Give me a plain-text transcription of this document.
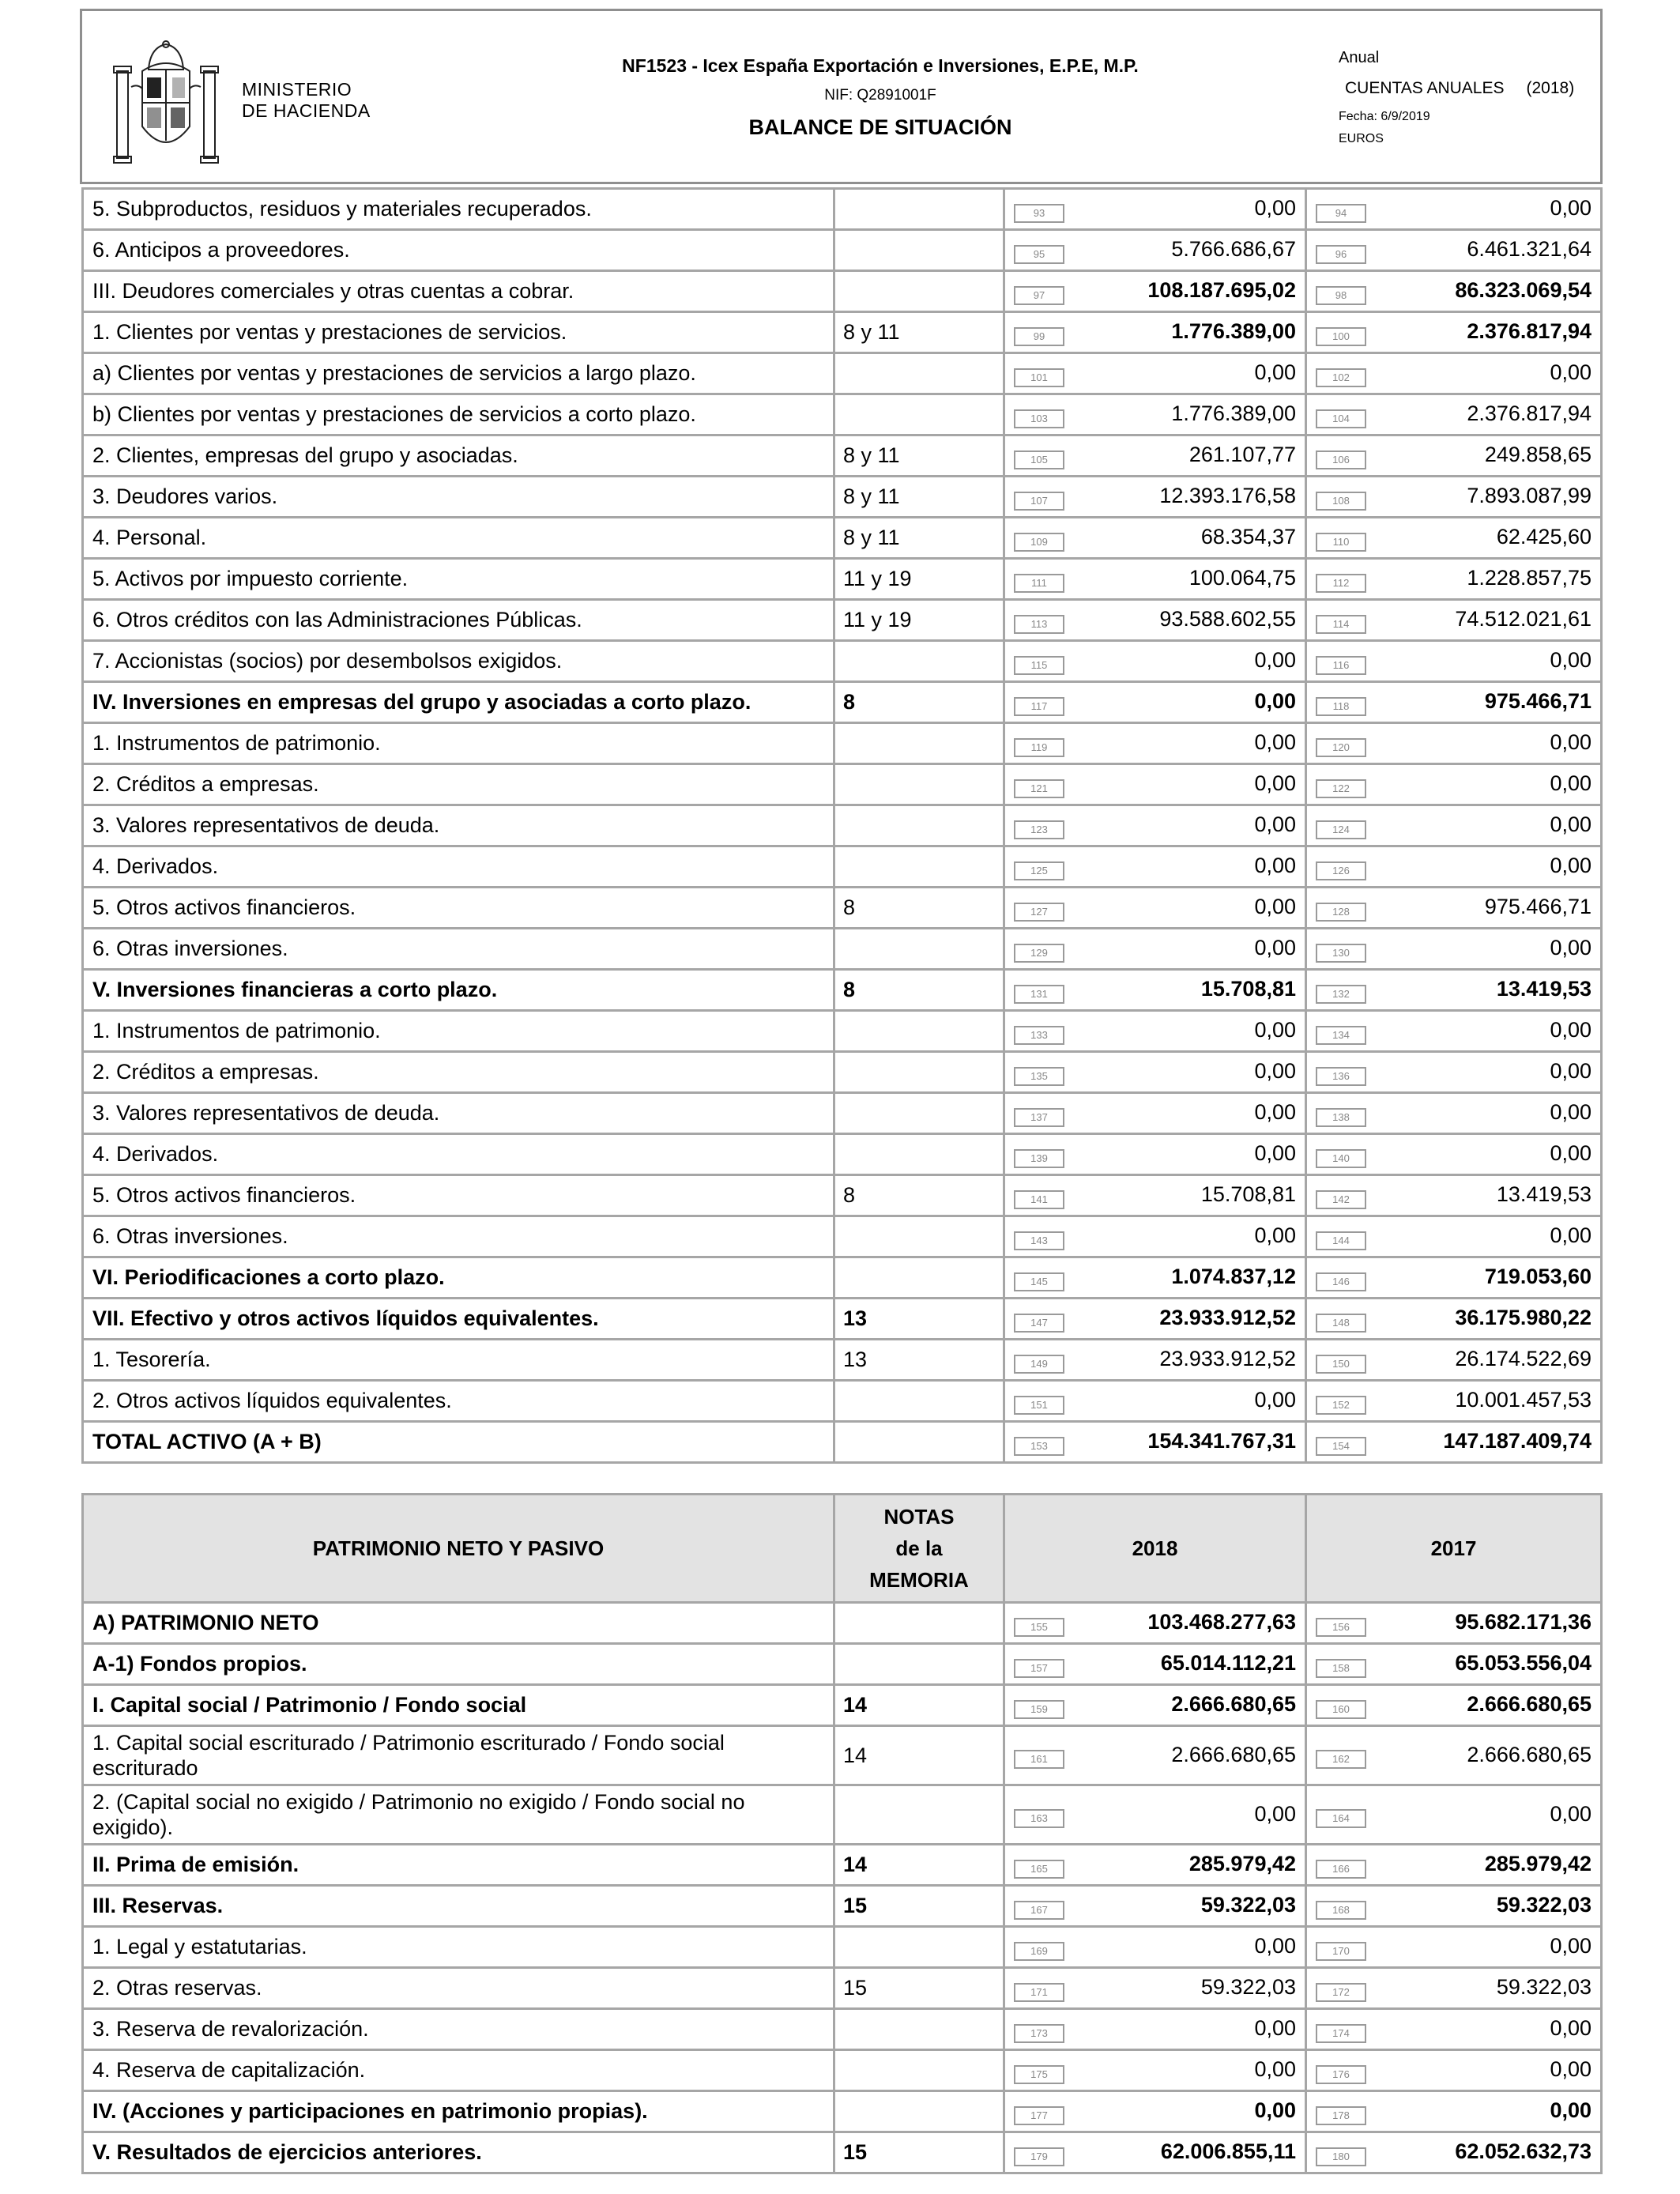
MINISTERIO
DE HACIENDA
NF1523 - Icex España Exportación e Inversiones, E.P.E, M.P.
NIF: Q2891001F
BALANCE DE SITUACIÓN
Anual
CUENTAS ANUALES (2018)
Fecha: 6/9/2019
EUROS
5. Subproductos, residuos y materiales recuperados.		93 0,00	94 0,00
6. Anticipos a proveedores.		95 5.766.686,67	96 6.461.321,64
III. Deudores comerciales y otras cuentas a cobrar.		97 108.187.695,02	98 86.323.069,54
1. Clientes por ventas y prestaciones de servicios.	8 y 11	99 1.776.389,00	100 2.376.817,94
a) Clientes por ventas y prestaciones de servicios a largo plazo.		101 0,00	102 0,00
b) Clientes por ventas y prestaciones de servicios a corto plazo.		103 1.776.389,00	104 2.376.817,94
2. Clientes, empresas del grupo y asociadas.	8 y 11	105 261.107,77	106 249.858,65
3. Deudores varios.	8 y 11	107 12.393.176,58	108 7.893.087,99
4. Personal.	8 y 11	109 68.354,37	110 62.425,60
5. Activos por impuesto corriente.	11 y 19	111 100.064,75	112 1.228.857,75
6. Otros créditos con las Administraciones Públicas.	11 y 19	113 93.588.602,55	114 74.512.021,61
7. Accionistas (socios) por desembolsos exigidos.		115 0,00	116 0,00
IV. Inversiones en empresas del grupo y asociadas a corto plazo.	8	117 0,00	118 975.466,71
1. Instrumentos de patrimonio.		119 0,00	120 0,00
2. Créditos a empresas.		121 0,00	122 0,00
3. Valores representativos de deuda.		123 0,00	124 0,00
4. Derivados.		125 0,00	126 0,00
5. Otros activos financieros.	8	127 0,00	128 975.466,71
6. Otras inversiones.		129 0,00	130 0,00
V. Inversiones financieras a corto plazo.	8	131 15.708,81	132 13.419,53
1. Instrumentos de patrimonio.		133 0,00	134 0,00
2. Créditos a empresas.		135 0,00	136 0,00
3. Valores representativos de deuda.		137 0,00	138 0,00
4. Derivados.		139 0,00	140 0,00
5. Otros activos financieros.	8	141 15.708,81	142 13.419,53
6. Otras inversiones.		143 0,00	144 0,00
VI. Periodificaciones a corto plazo.		145 1.074.837,12	146 719.053,60
VII. Efectivo y otros activos líquidos equivalentes.	13	147 23.933.912,52	148 36.175.980,22
1. Tesorería.	13	149 23.933.912,52	150 26.174.522,69
2. Otros activos líquidos equivalentes.		151 0,00	152 10.001.457,53
TOTAL ACTIVO (A + B)		153 154.341.767,31	154 147.187.409,74
PATRIMONIO NETO Y PASIVO	NOTAS
de la
MEMORIA	2018	2017
A) PATRIMONIO NETO		155 103.468.277,63	156 95.682.171,36
A-1) Fondos propios.		157 65.014.112,21	158 65.053.556,04
I. Capital social / Patrimonio / Fondo social	14	159 2.666.680,65	160 2.666.680,65
1. Capital social escriturado / Patrimonio escriturado / Fondo social escriturado	14	161 2.666.680,65	162 2.666.680,65
2. (Capital social no exigido / Patrimonio no exigido / Fondo social no exigido).		163 0,00	164 0,00
II. Prima de emisión.	14	165 285.979,42	166 285.979,42
III. Reservas.	15	167 59.322,03	168 59.322,03
1. Legal y estatutarias.		169 0,00	170 0,00
2. Otras reservas.	15	171 59.322,03	172 59.322,03
3. Reserva de revalorización.		173 0,00	174 0,00
4. Reserva de capitalización.		175 0,00	176 0,00
IV. (Acciones y participaciones en patrimonio propias).		177 0,00	178 0,00
V. Resultados de ejercicios anteriores.	15	179 62.006.855,11	180 62.052.632,73
